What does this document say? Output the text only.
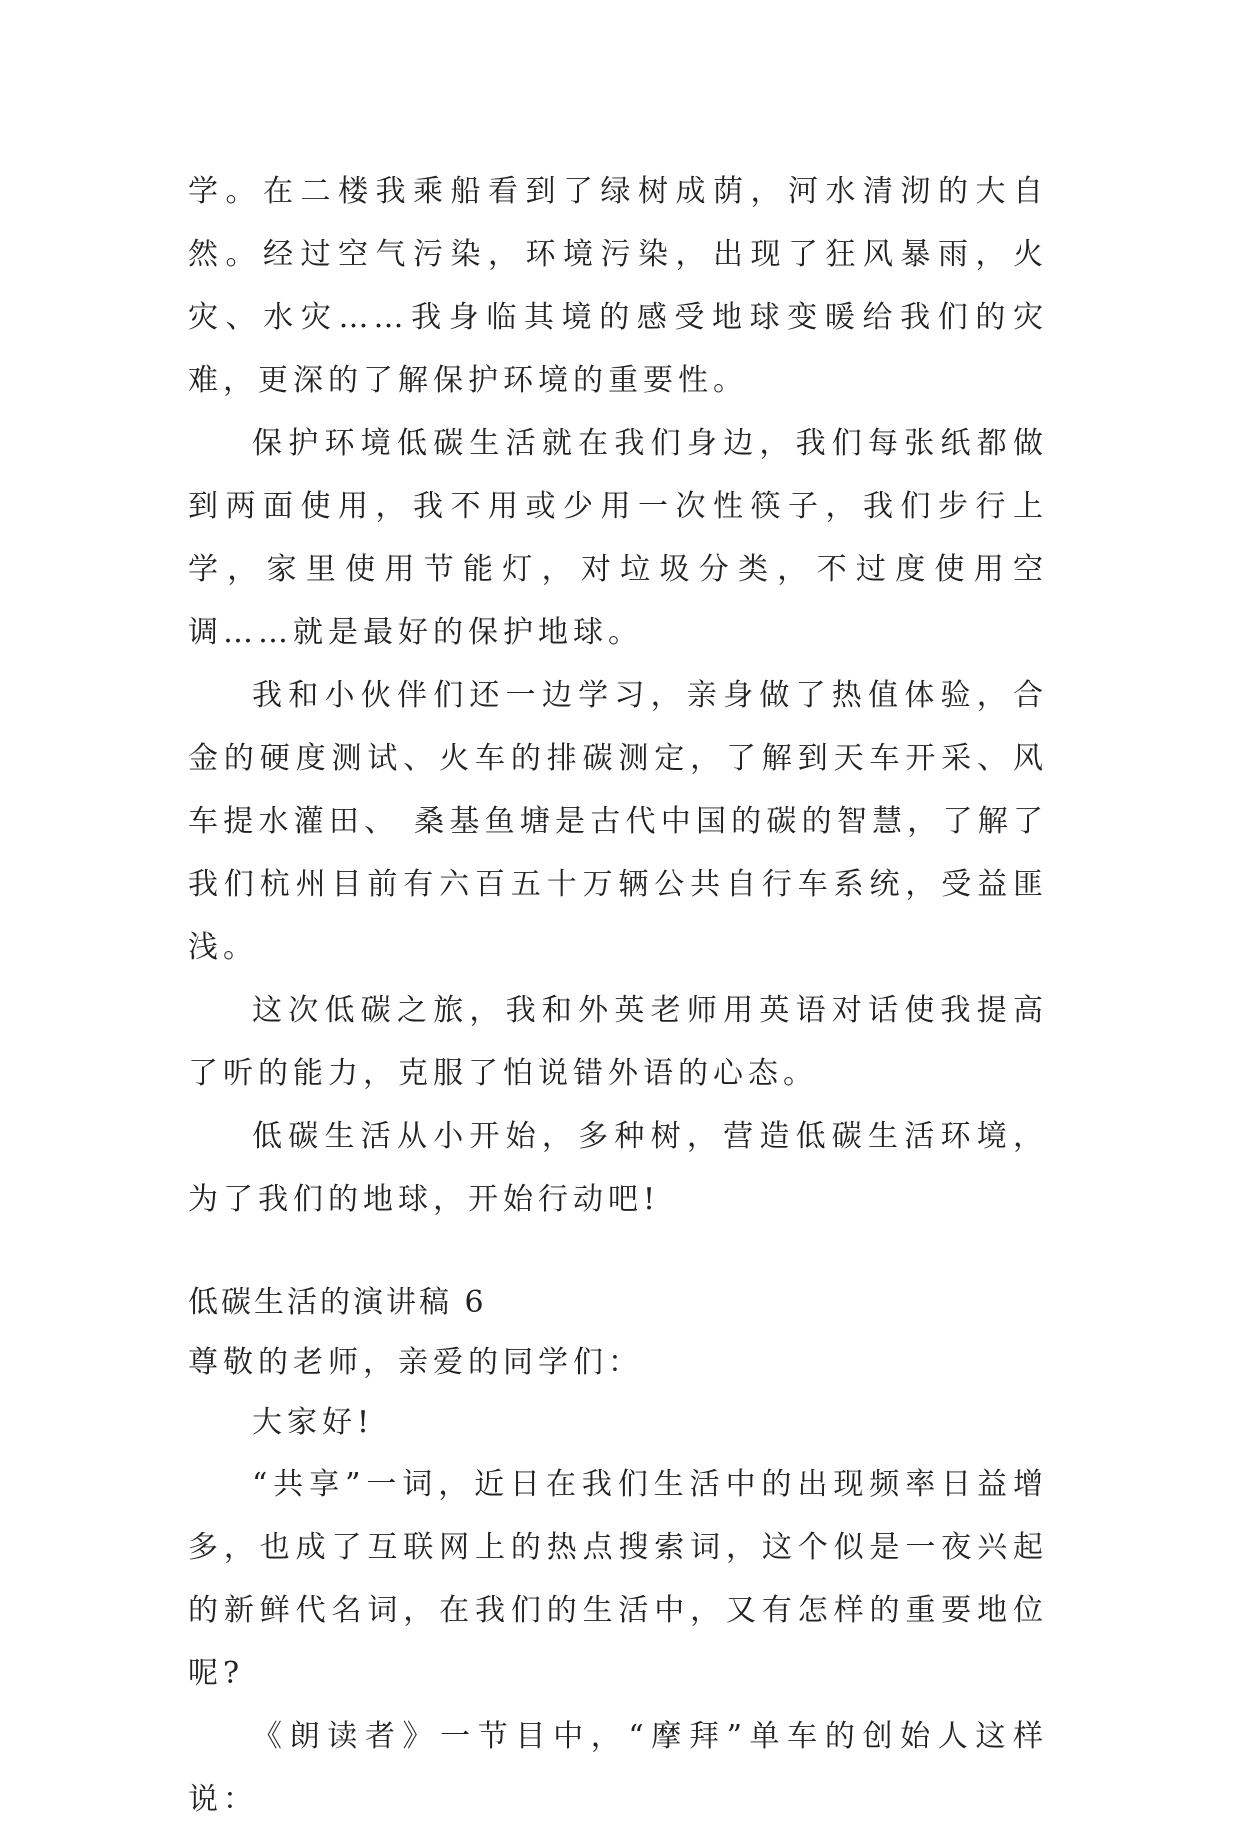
学。在二楼我乘船看到了绿树成荫，河水清沏的大自然。经过空气污染，环境污染，出现了狂风暴雨，火灾、水灾……我身临其境的感受地球变暖给我们的灾难，更深的了解保护环境的重要性。

保护环境低碳生活就在我们身边，我们每张纸都做到两面使用，我不用或少用一次性筷子，我们步行上学，家里使用节能灯，对垃圾分类，不过度使用空调……就是最好的保护地球。

我和小伙伴们还一边学习，亲身做了热值体验，合金的硬度测试、火车的排碳测定，了解到天车开采、风车提水灌田、 桑基鱼塘是古代中国的碳的智慧，了解了我们杭州目前有六百五十万辆公共自行车系统，受益匪浅。

这次低碳之旅，我和外英老师用英语对话使我提高了听的能力，克服了怕说错外语的心态。

低碳生活从小开始，多种树，营造低碳生活环境，为了我们的地球，开始行动吧!

低碳生活的演讲稿 6

尊敬的老师，亲爱的同学们：

大家好!

“共享”一词，近日在我们生活中的出现频率日益增多，也成了互联网上的热点搜索词，这个似是一夜兴起的新鲜代名词，在我们的生活中，又有怎样的重要地位呢?

《朗读者》一节目中，“摩拜”单车的创始人这样说：
